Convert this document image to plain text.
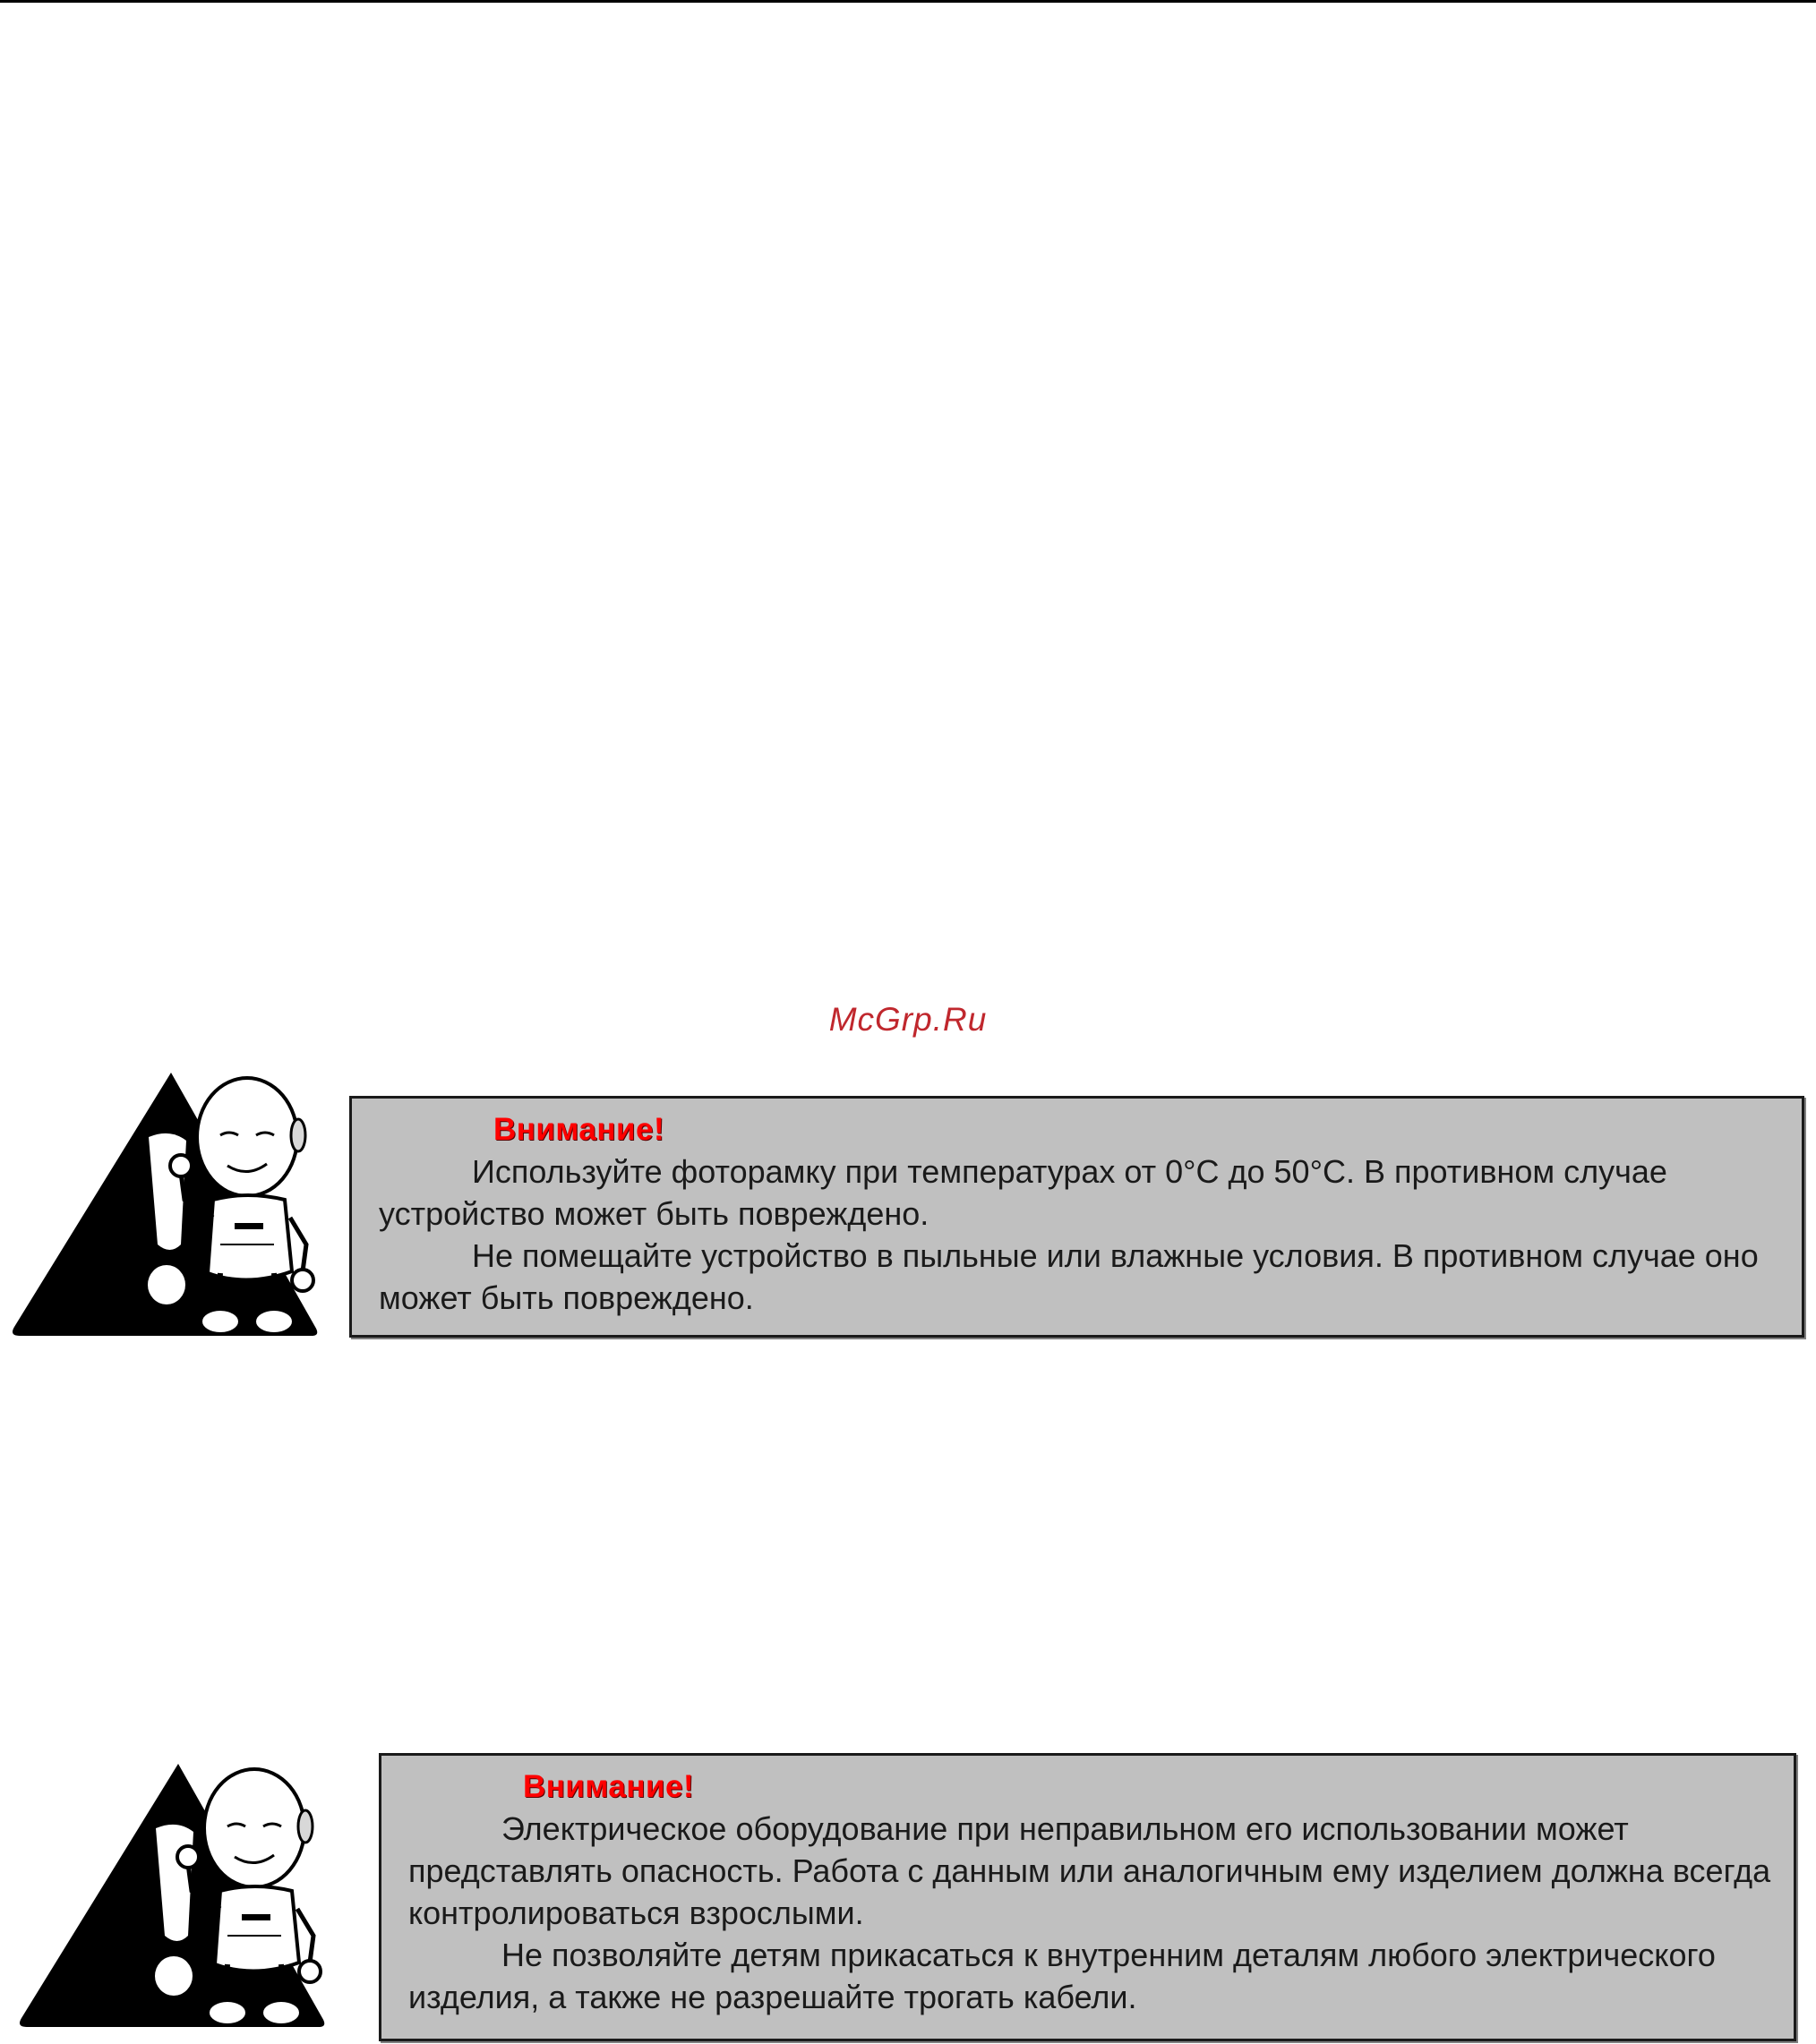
McGrp.Ru
Внимание!

Используйте фоторамку при температурах от 0°С до 50°С. В противном случае устройство может быть повреждено.

Не помещайте устройство в пыльные или влажные условия. В противном случае оно может быть повреждено.

Внимание!

Электрическое оборудование при неправильном его использовании может представлять опасность. Работа с данным или аналогичным ему изделием должна всегда контролироваться взрослыми.

Не позволяйте детям прикасаться к внутренним деталям любого электрического изделия, а также не разрешайте трогать кабели.
